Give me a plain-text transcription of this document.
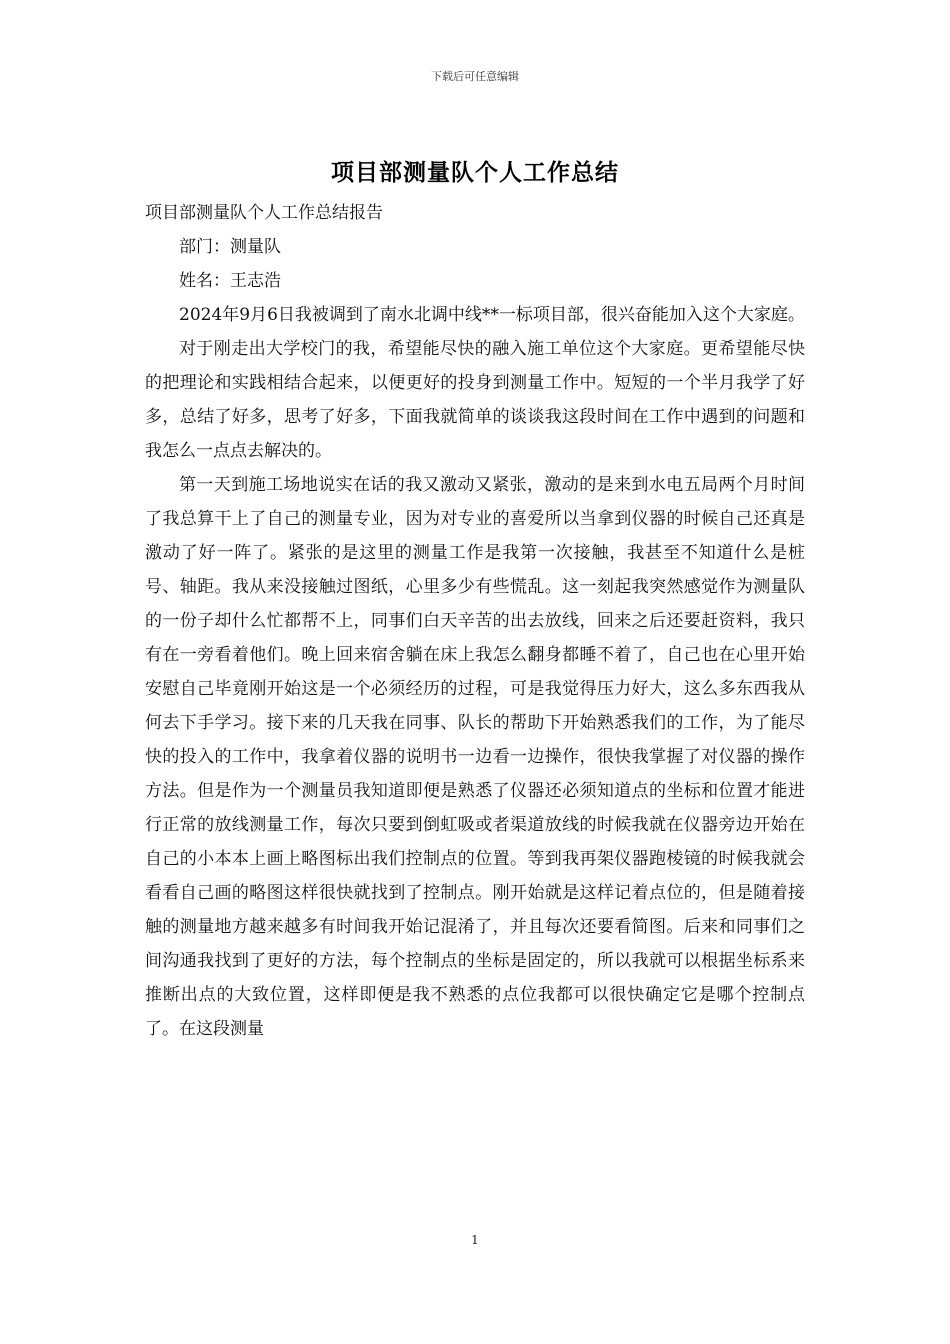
下载后可任意编辑
项目部测量队个人工作总结

项目部测量队个人工作总结报告

部门：测量队

姓名：王志浩

2024年9月6日我被调到了南水北调中线**一标项目部，很兴奋能加入这个大家庭。

对于刚走出大学校门的我，希望能尽快的融入施工单位这个大家庭。更希望能尽快的把理论和实践相结合起来，以便更好的投身到测量工作中。短短的一个半月我学了好多，总结了好多，思考了好多，下面我就简单的谈谈我这段时间在工作中遇到的问题和我怎么一点点去解决的。

第一天到施工场地说实在话的我又激动又紧张，激动的是来到水电五局两个月时间了我总算干上了自己的测量专业，因为对专业的喜爱所以当拿到仪器的时候自己还真是激动了好一阵了。紧张的是这里的测量工作是我第一次接触，我甚至不知道什么是桩号、轴距。我从来没接触过图纸，心里多少有些慌乱。这一刻起我突然感觉作为测量队的一份子却什么忙都帮不上，同事们白天辛苦的出去放线，回来之后还要赶资料，我只有在一旁看着他们。晚上回来宿舍躺在床上我怎么翻身都睡不着了，自己也在心里开始安慰自己毕竟刚开始这是一个必须经历的过程，可是我觉得压力好大，这么多东西我从何去下手学习。接下来的几天我在同事、队长的帮助下开始熟悉我们的工作，为了能尽快的投入的工作中，我拿着仪器的说明书一边看一边操作，很快我掌握了对仪器的操作方法。但是作为一个测量员我知道即便是熟悉了仪器还必须知道点的坐标和位置才能进行正常的放线测量工作，每次只要到倒虹吸或者渠道放线的时候我就在仪器旁边开始在自己的小本本上画上略图标出我们控制点的位置。等到我再架仪器跑棱镜的时候我就会看看自己画的略图这样很快就找到了控制点。刚开始就是这样记着点位的，但是随着接触的测量地方越来越多有时间我开始记混淆了，并且每次还要看简图。后来和同事们之间沟通我找到了更好的方法，每个控制点的坐标是固定的，所以我就可以根据坐标系来推断出点的大致位置，这样即便是我不熟悉的点位我都可以很快确定它是哪个控制点了。在这段测量

1
